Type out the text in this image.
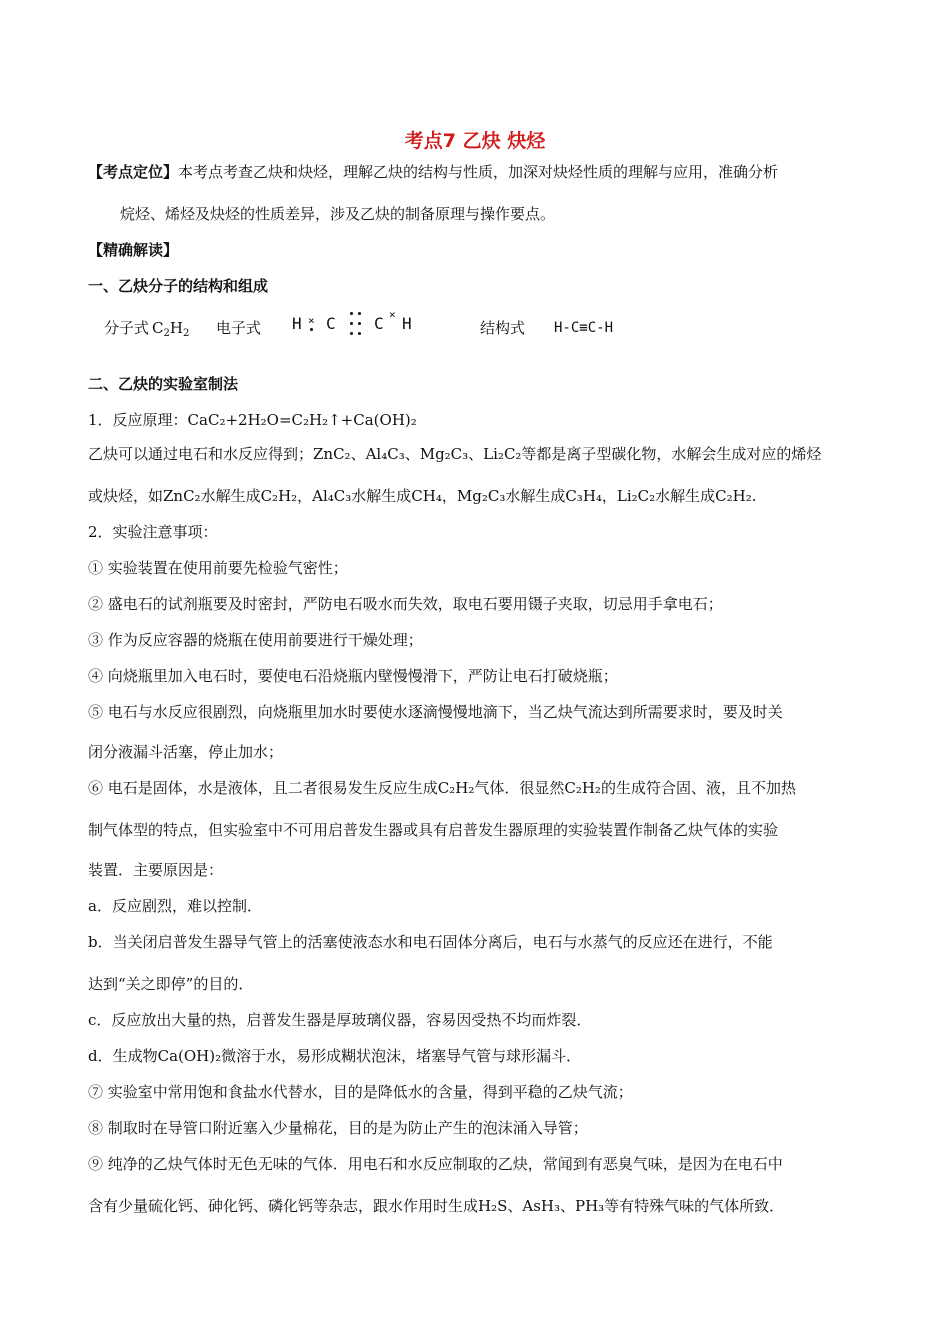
考点7 乙炔 炔烃
【考点定位】本考点考查乙炔和炔烃，理解乙炔的结构与性质，加深对炔烃性质的理解与应用，准确分析
烷烃、烯烃及炔烃的性质差异，涉及乙炔的制备原理与操作要点。
【精确解读】
一、乙炔分子的结构和组成
分子式 $C_2H_2$ 电子式 H × C C × H	结构式 H-C≡C-H
二、乙炔的实验室制法
1．反应原理：CaC₂+2H₂O=C₂H₂↑+Ca(OH)₂
乙炔可以通过电石和水反应得到；ZnC₂、Al₄C₃、Mg₂C₃、Li₂C₂等都是离子型碳化物，水解会生成对应的烯烃
或炔烃，如ZnC₂水解生成C₂H₂，Al₄C₃水解生成CH₄，Mg₂C₃水解生成C₃H₄，Li₂C₂水解生成C₂H₂.
2．实验注意事项：
① 实验装置在使用前要先检验气密性；
② 盛电石的试剂瓶要及时密封，严防电石吸水而失效，取电石要用镊子夹取，切忌用手拿电石；
③ 作为反应容器的烧瓶在使用前要进行干燥处理；
④ 向烧瓶里加入电石时，要使电石沿烧瓶内壁慢慢滑下，严防让电石打破烧瓶；
⑤ 电石与水反应很剧烈，向烧瓶里加水时要使水逐滴慢慢地滴下，当乙炔气流达到所需要求时，要及时关
闭分液漏斗活塞，停止加水；
⑥ 电石是固体，水是液体，且二者很易发生反应生成C₂H₂气体．很显然C₂H₂的生成符合固、液，且不加热
制气体型的特点，但实验室中不可用启普发生器或具有启普发生器原理的实验装置作制备乙炔气体的实验
装置．主要原因是：
a．反应剧烈，难以控制．
b．当关闭启普发生器导气管上的活塞使液态水和电石固体分离后，电石与水蒸气的反应还在进行，不能
达到“关之即停”的目的．
c．反应放出大量的热，启普发生器是厚玻璃仪器，容易因受热不均而炸裂．
d．生成物Ca(OH)₂微溶于水，易形成糊状泡沫，堵塞导气管与球形漏斗．
⑦ 实验室中常用饱和食盐水代替水，目的是降低水的含量，得到平稳的乙炔气流；
⑧ 制取时在导管口附近塞入少量棉花，目的是为防止产生的泡沫涌入导管；
⑨ 纯净的乙炔气体时无色无味的气体．用电石和水反应制取的乙炔，常闻到有恶臭气味，是因为在电石中
含有少量硫化钙、砷化钙、磷化钙等杂志，跟水作用时生成H₂S、AsH₃、PH₃等有特殊气味的气体所致．
